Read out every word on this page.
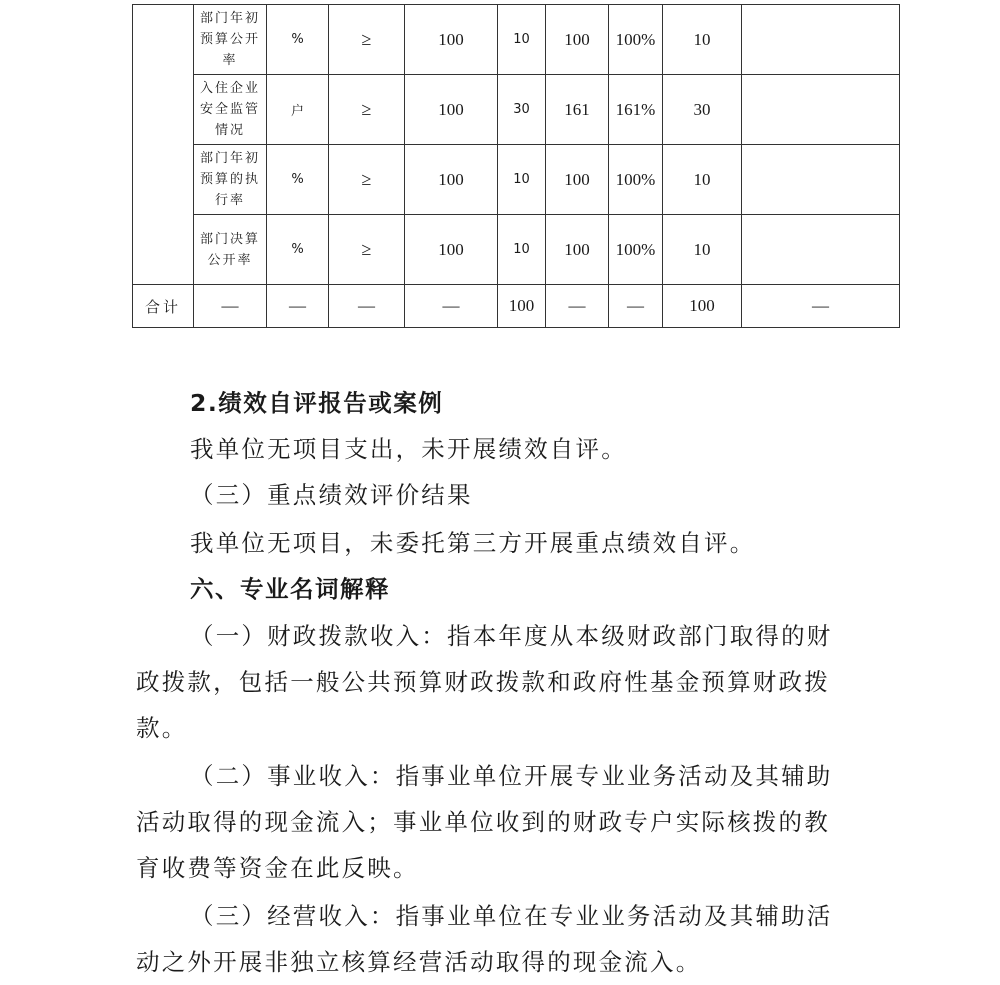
	部门年初
预算公开
率	%	≥	100	10	100	100%	10	

	入住企业
安全监管
情况	户	≥	100	30	161	161%	30	

	部门年初
预算的执
行率	%	≥	100	10	100	100%	10	

	部门决算
公开率	%	≥	100	10	100	100%	10	
合计	—	—	—	—	100	—	—	100	—

2.绩效自评报告或案例

我单位无项目支出，未开展绩效自评。

（三）重点绩效评价结果

我单位无项目，未委托第三方开展重点绩效自评。

六、专业名词解释

（一）财政拨款收入：指本年度从本级财政部门取得的财
政拨款，包括一般公共预算财政拨款和政府性基金预算财政拨
款。
（二）事业收入：指事业单位开展专业业务活动及其辅助
活动取得的现金流入；事业单位收到的财政专户实际核拨的教
育收费等资金在此反映。
（三）经营收入：指事业单位在专业业务活动及其辅助活
动之外开展非独立核算经营活动取得的现金流入。
